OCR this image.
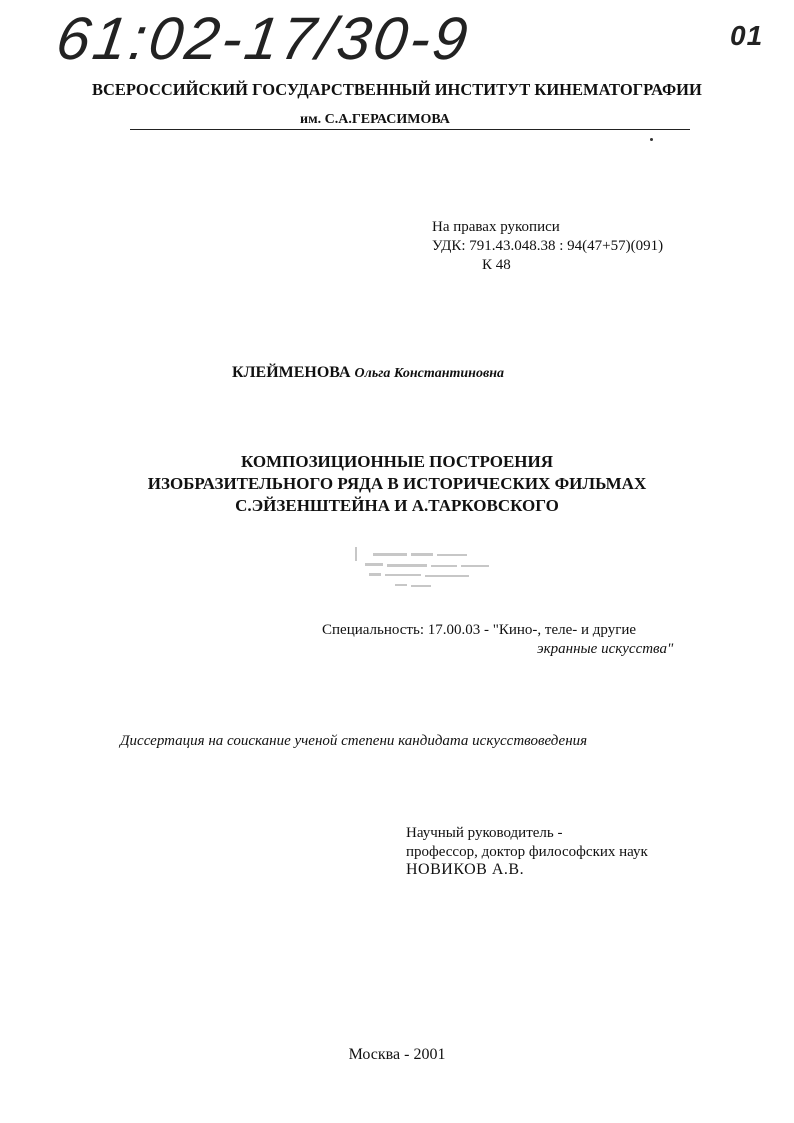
61:02-17/30-9	01
ВСЕРОССИЙСКИЙ ГОСУДАРСТВЕННЫЙ ИНСТИТУТ КИНЕМАТОГРАФИИ
им. С.А.ГЕРАСИМОВА
На правах рукописи
УДК: 791.43.048.38 : 94(47+57)(091)
К 48
КЛЕЙМЕНОВА Ольга Константиновна
КОМПОЗИЦИОННЫЕ ПОСТРОЕНИЯ
ИЗОБРАЗИТЕЛЬНОГО РЯДА В ИСТОРИЧЕСКИХ ФИЛЬМАХ
С.ЭЙЗЕНШТЕЙНА И А.ТАРКОВСКОГО
Специальность: 17.00.03 - "Кино-, теле- и другие
экранные искусства"
Диссертация на соискание ученой степени кандидата искусствоведения
Научный руководитель -
профессор, доктор философских наук
НОВИКОВ А.В.
Москва - 2001
